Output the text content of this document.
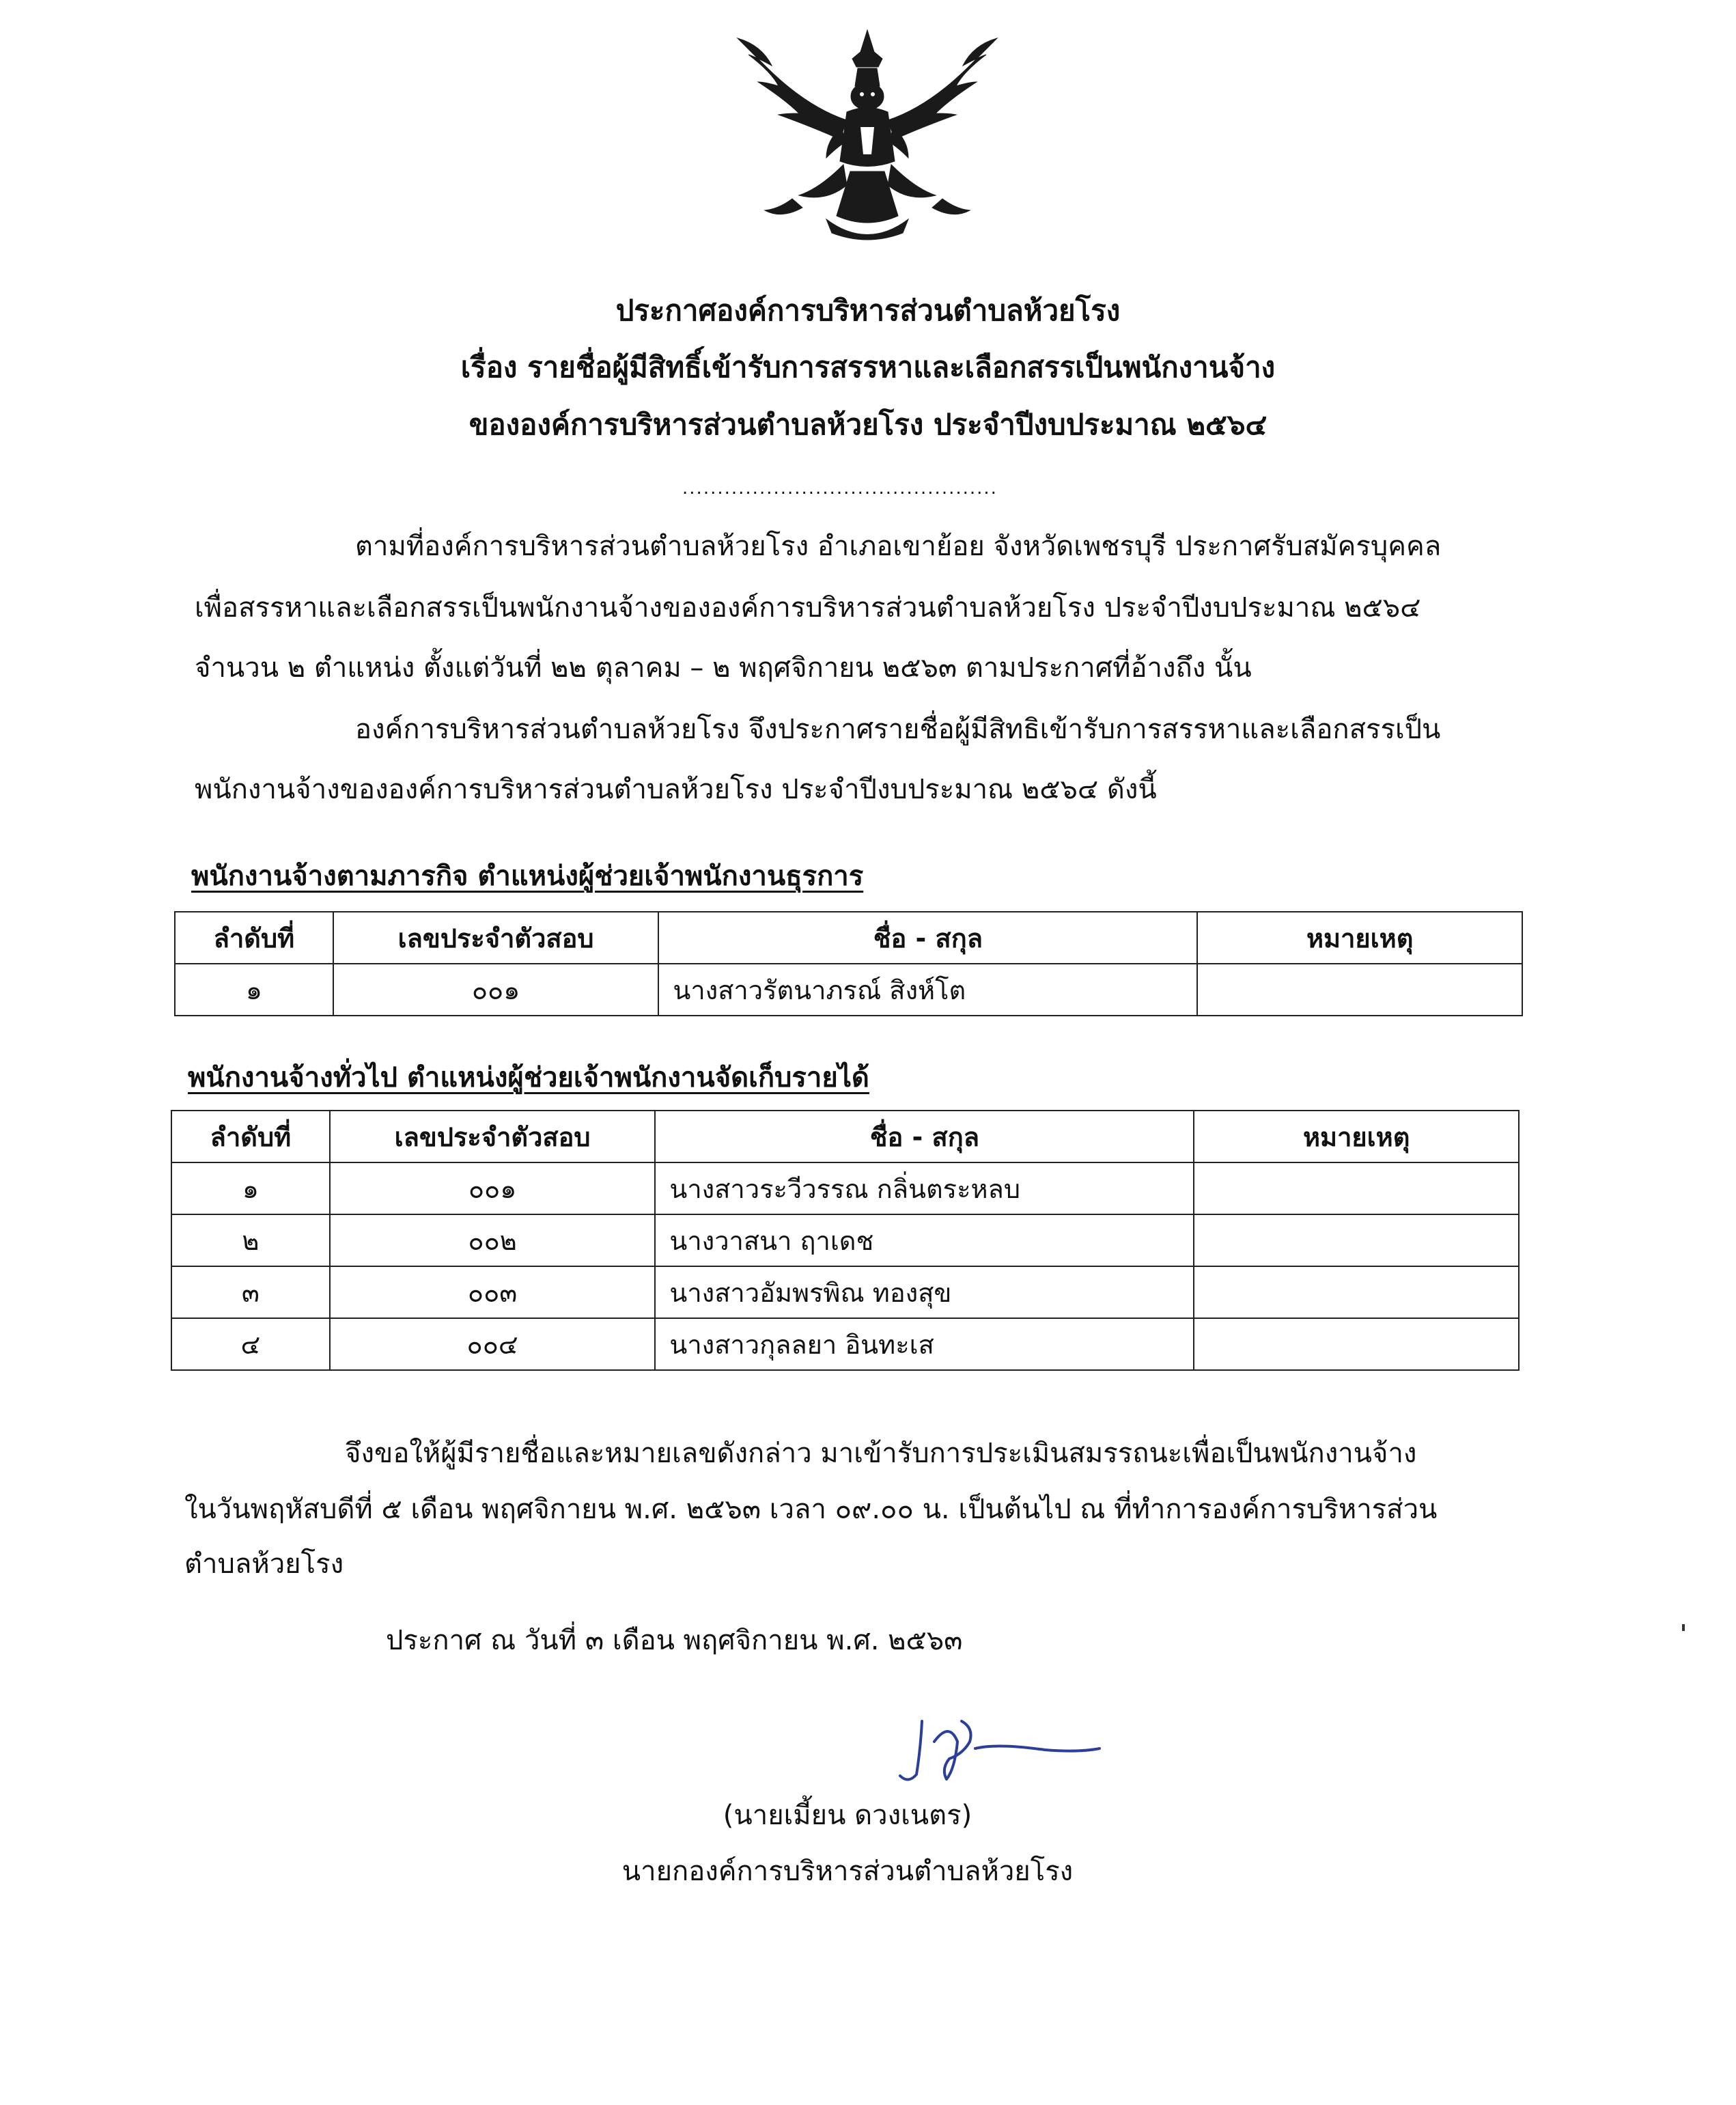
ประกาศองค์การบริหารส่วนตำบลห้วยโรง
เรื่อง รายชื่อผู้มีสิทธิ์เข้ารับการสรรหาและเลือกสรรเป็นพนักงานจ้าง
ขององค์การบริหารส่วนตำบลห้วยโรง ประจำปีงบประมาณ ๒๕๖๔
.............................................
ตามที่องค์การบริหารส่วนตำบลห้วยโรง อำเภอเขาย้อย จังหวัดเพชรบุรี ประกาศรับสมัครบุคคล
เพื่อสรรหาและเลือกสรรเป็นพนักงานจ้างขององค์การบริหารส่วนตำบลห้วยโรง ประจำปีงบประมาณ ๒๕๖๔
จำนวน ๒ ตำแหน่ง ตั้งแต่วันที่ ๒๒ ตุลาคม – ๒ พฤศจิกายน ๒๕๖๓ ตามประกาศที่อ้างถึง นั้น
องค์การบริหารส่วนตำบลห้วยโรง จึงประกาศรายชื่อผู้มีสิทธิเข้ารับการสรรหาและเลือกสรรเป็น
พนักงานจ้างขององค์การบริหารส่วนตำบลห้วยโรง ประจำปีงบประมาณ ๒๕๖๔ ดังนี้
พนักงานจ้างตามภารกิจ ตำแหน่งผู้ช่วยเจ้าพนักงานธุรการ
ลำดับที่	เลขประจำตัวสอบ	ชื่อ - สกุล	หมายเหตุ
๑	๐๐๑	นางสาวรัตนาภรณ์ สิงห์โต	
พนักงานจ้างทั่วไป ตำแหน่งผู้ช่วยเจ้าพนักงานจัดเก็บรายได้
ลำดับที่	เลขประจำตัวสอบ	ชื่อ - สกุล	หมายเหตุ
๑	๐๐๑	นางสาวระวีวรรณ กลิ่นตระหลบ	
๒	๐๐๒	นางวาสนา ฤาเดช	
๓	๐๐๓	นางสาวอัมพรพิณ ทองสุข	
๔	๐๐๔	นางสาวกุลลยา อินทะเส	
จึงขอให้ผู้มีรายชื่อและหมายเลขดังกล่าว มาเข้ารับการประเมินสมรรถนะเพื่อเป็นพนักงานจ้าง
ในวันพฤหัสบดีที่ ๕ เดือน พฤศจิกายน พ.ศ. ๒๕๖๓ เวลา ๐๙.๐๐ น. เป็นต้นไป ณ ที่ทำการองค์การบริหารส่วน
ตำบลห้วยโรง
ประกาศ ณ วันที่ ๓ เดือน พฤศจิกายน พ.ศ. ๒๕๖๓
(นายเมี้ยน ดวงเนตร)
นายกองค์การบริหารส่วนตำบลห้วยโรง
